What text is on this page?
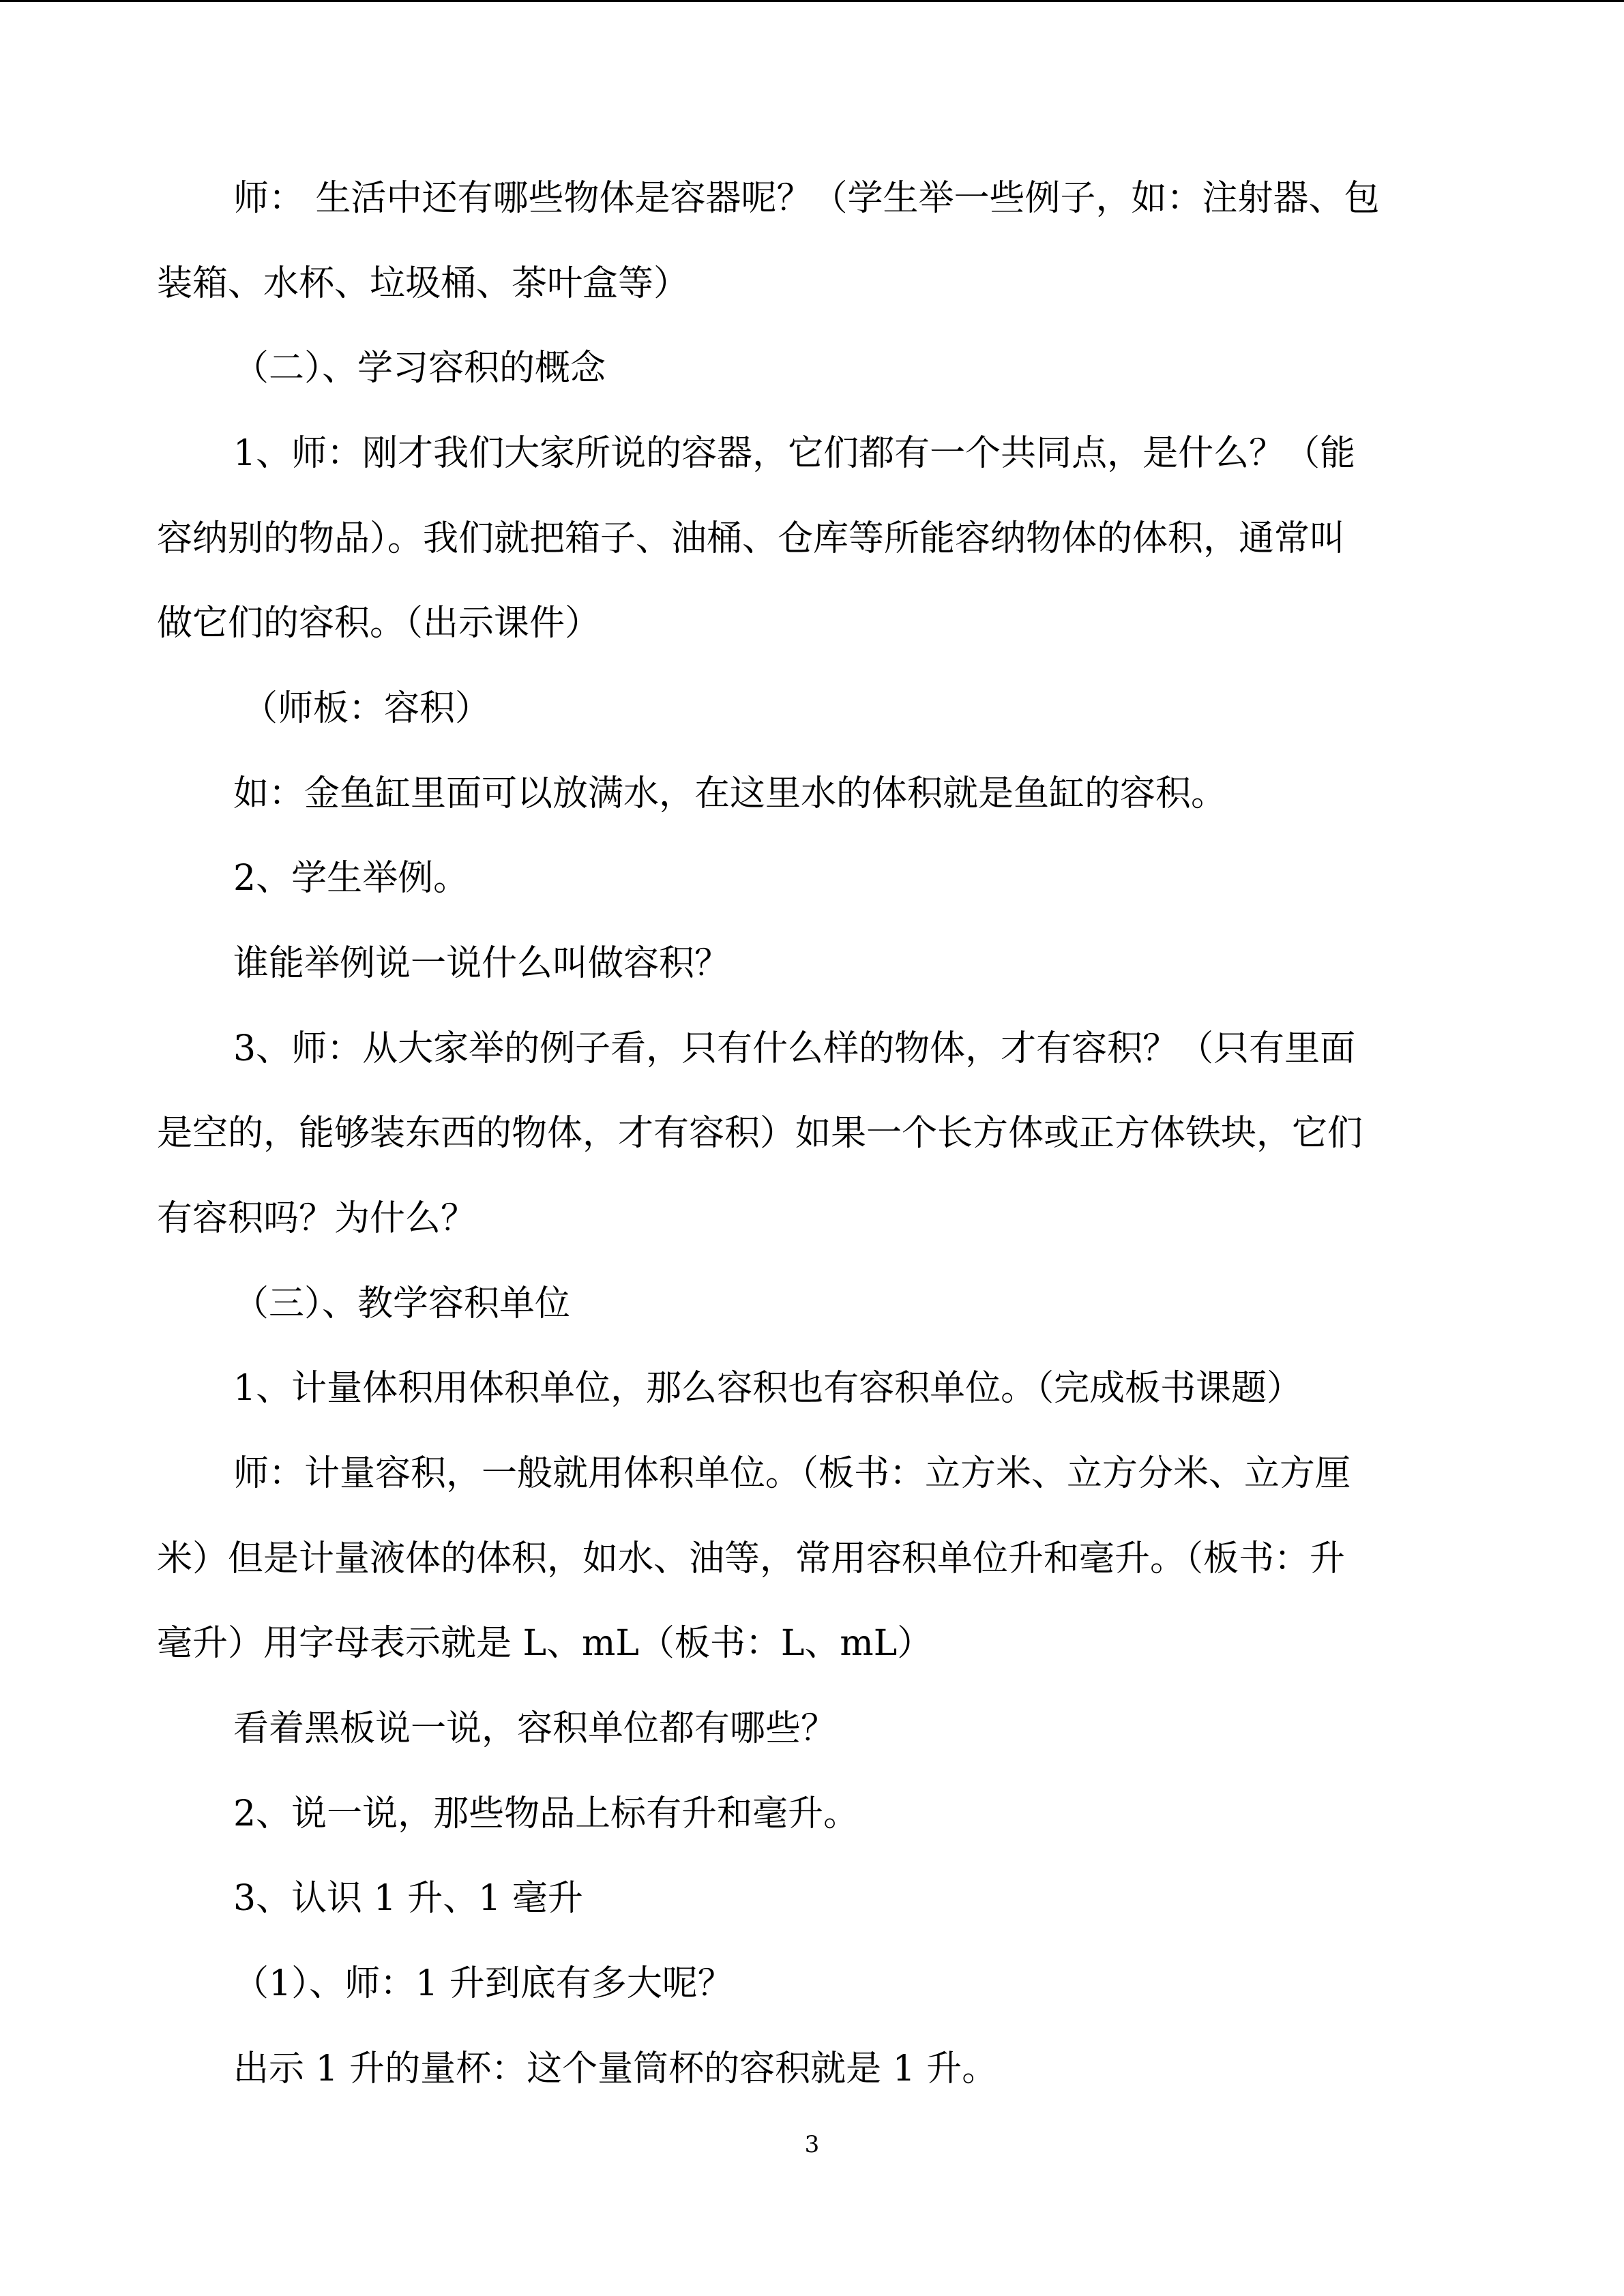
师： 生活中还有哪些物体是容器呢？（学生举一些例子，如：注射器、包
装箱、水杯、垃圾桶、茶叶盒等）
（二）、学习容积的概念
1、师：刚才我们大家所说的容器，它们都有一个共同点，是什么？（能
容纳别的物品）。我们就把箱子、油桶、仓库等所能容纳物体的体积，通常叫
做它们的容积。（出示课件）
（师板：容积）
如：金鱼缸里面可以放满水，在这里水的体积就是鱼缸的容积。
2、学生举例。
谁能举例说一说什么叫做容积？
3、师：从大家举的例子看，只有什么样的物体，才有容积？（只有里面
是空的，能够装东西的物体，才有容积）如果一个长方体或正方体铁块，它们
有容积吗？为什么？
（三）、教学容积单位
1、计量体积用体积单位，那么容积也有容积单位。（完成板书课题）
师：计量容积，一般就用体积单位。（板书：立方米、立方分米、立方厘
米）但是计量液体的体积，如水、油等，常用容积单位升和毫升。（板书：升
毫升）用字母表示就是 L、mL（板书：L、mL）
看着黑板说一说，容积单位都有哪些？
2、说一说，那些物品上标有升和毫升。
3、认识 1 升、1 毫升
（1）、师：1 升到底有多大呢？
出示 1 升的量杯：这个量筒杯的容积就是 1 升。
3
